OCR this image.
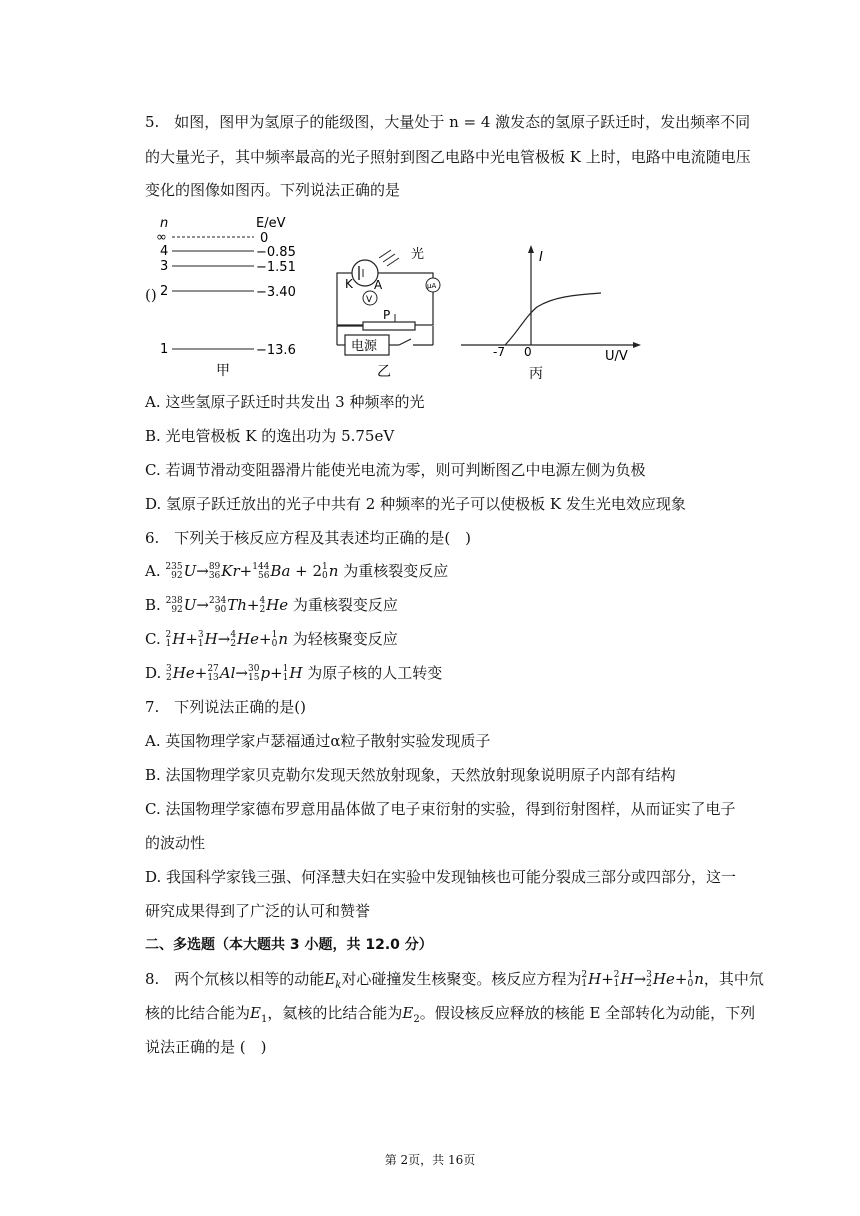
5.　如图，图甲为氢原子的能级图，大量处于 n = 4 激发态的氢原子跃迁时，发出频率不同
的大量光子，其中频率最高的光子照射到图乙电路中光电管极板 K 上时，电路中电流随电压
变化的图像如图丙。下列说法正确的是
()
n	E/eV
∞	0
4	−0.85
3	−1.51
2	−3.40
1	−13.6
甲
光
K A
V
μA
P
电源
乙
I
U/V
-7 0
丙
A. 这些氢原子跃迁时共发出 3 种频率的光
B. 光电管极板 K 的逸出功为 5.75eV
C. 若调节滑动变阻器滑片能使光电流为零，则可判断图乙中电源左侧为负极
D. 氢原子跃迁放出的光子中共有 2 种频率的光子可以使极板 K 发生光电效应现象
6.　下列关于核反应方程及其表述均正确的是(　)
A. 235
92 U→ 89
36 Kr+ 144
56 Ba + 2 1
0 n 为重核裂变反应
B. 238
92 U→ 234
90 Th+ 4
2 He 为重核裂变反应
C. 2
1 H+ 3
1 H→ 4
2 He+ 1
0 n 为轻核聚变反应
D. 3
2 He+ 27
13 Al→ 30
15 p+ 1
1 H 为原子核的人工转变
7.　下列说法正确的是()
A. 英国物理学家卢瑟福通过α粒子散射实验发现质子
B. 法国物理学家贝克勒尔发现天然放射现象，天然放射现象说明原子内部有结构
C. 法国物理学家德布罗意用晶体做了电子束衍射的实验，得到衍射图样，从而证实了电子
的波动性
D. 我国科学家钱三强、何泽慧夫妇在实验中发现铀核也可能分裂成三部分或四部分，这一
研究成果得到了广泛的认可和赞誉
二、多选题（本大题共 3 小题，共 12.0 分）
8.　两个氘核以相等的动能$E_k$对心碰撞发生核聚变。核反应方程为 2
1 H+ 2
1 H→ 3
2 He+ 1
0 n，其中氘
核的比结合能为$E_1$，氦核的比结合能为$E_2$。假设核反应释放的核能 E 全部转化为动能，下列
说法正确的是 (　)
第 2页，共 16页
